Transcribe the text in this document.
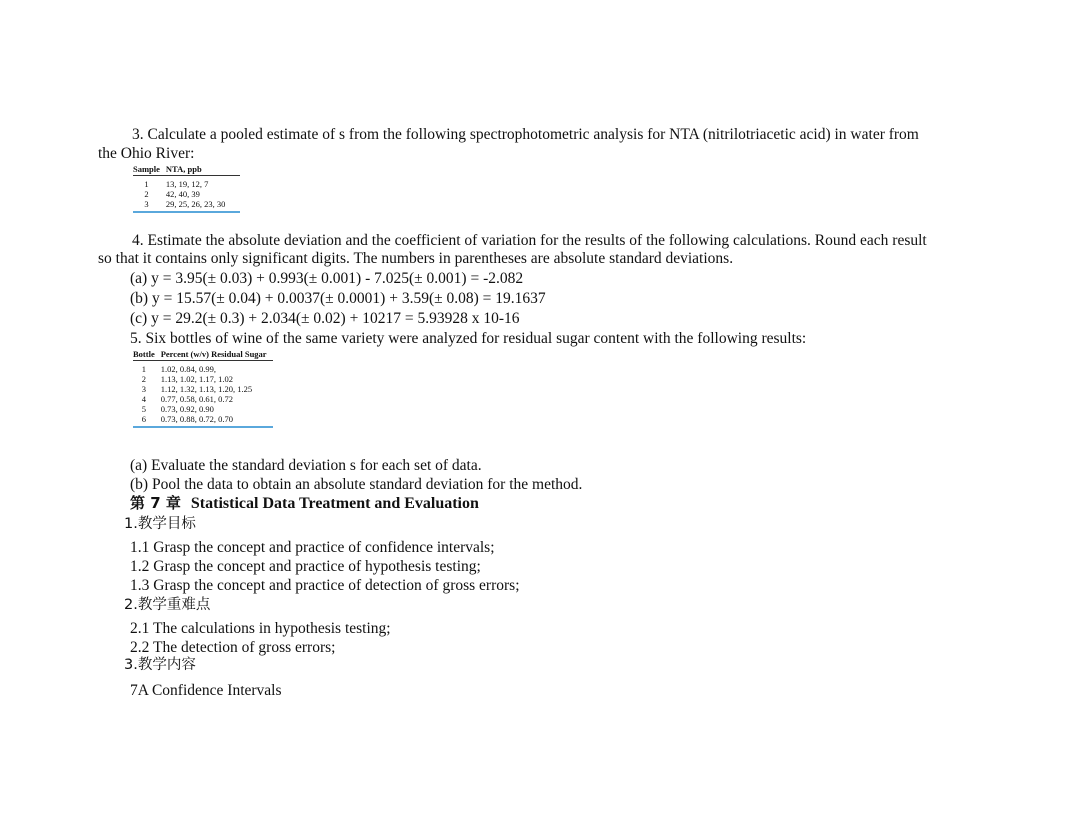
3. Calculate a pooled estimate of s from the following spectrophotometric analysis for NTA (nitrilotriacetic acid) in water from
the Ohio River:
Sample	NTA, ppb
1	13, 19, 12, 7
2	42, 40, 39
3	29, 25, 26, 23, 30
4. Estimate the absolute deviation and the coefficient of variation for the results of the following calculations. Round each result
so that it contains only significant digits. The numbers in parentheses are absolute standard deviations.
(a) y = 3.95(± 0.03) + 0.993(± 0.001) - 7.025(± 0.001) = -2.082
(b) y = 15.57(± 0.04) + 0.0037(± 0.0001) + 3.59(± 0.08) = 19.1637
(c) y = 29.2(± 0.3) + 2.034(± 0.02) + 10217 = 5.93928 x 10-16
5. Six bottles of wine of the same variety were analyzed for residual sugar content with the following results:
Bottle	Percent (w/v) Residual Sugar
1	1.02, 0.84, 0.99,
2	1.13, 1.02, 1.17, 1.02
3	1.12, 1.32, 1.13, 1.20, 1.25
4	0.77, 0.58, 0.61, 0.72
5	0.73, 0.92, 0.90
6	0.73, 0.88, 0.72, 0.70
(a) Evaluate the standard deviation s for each set of data.
(b) Pool the data to obtain an absolute standard deviation for the method.
第 7 章 Statistical Data Treatment and Evaluation
1.教学目标
1.1 Grasp the concept and practice of confidence intervals;
1.2 Grasp the concept and practice of hypothesis testing;
1.3 Grasp the concept and practice of detection of gross errors;
2.教学重难点
2.1 The calculations in hypothesis testing;
2.2 The detection of gross errors;
3.教学内容
7A Confidence Intervals
